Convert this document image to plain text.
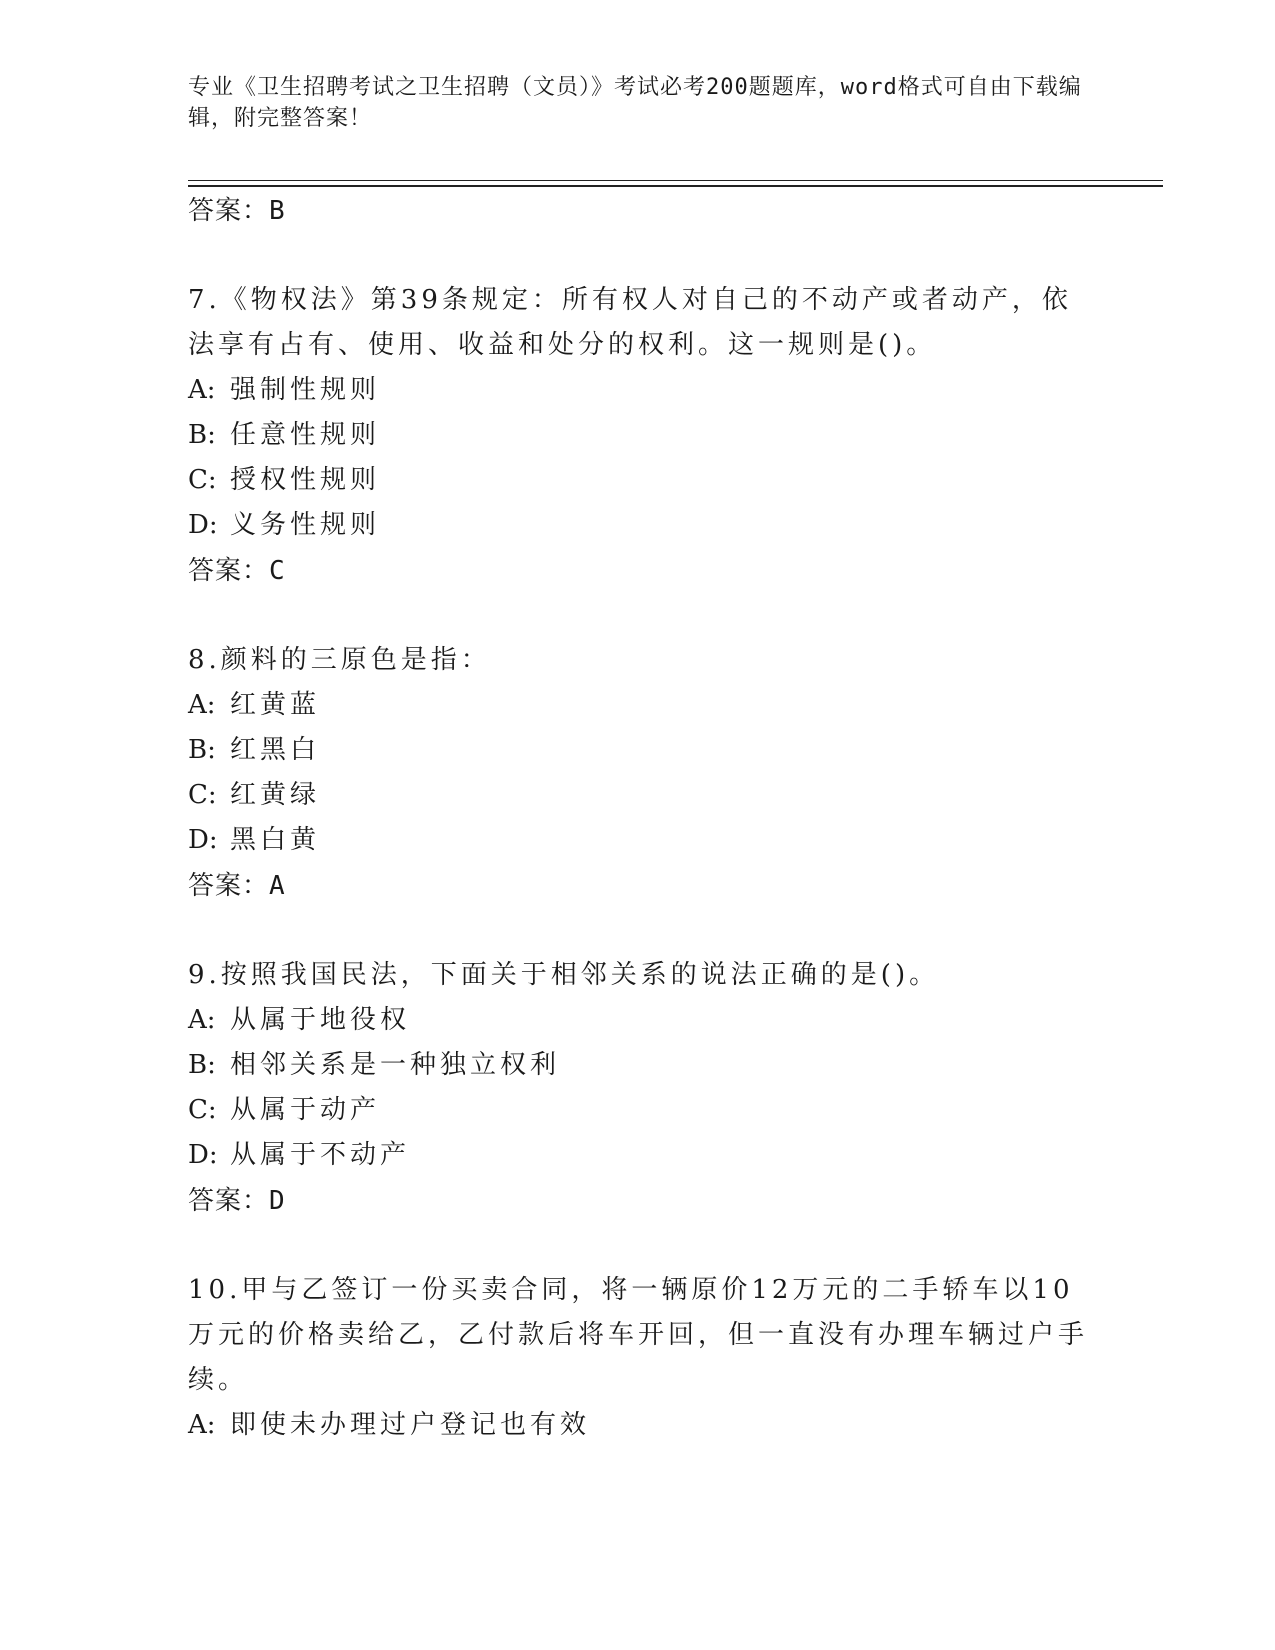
专业《卫生招聘考试之卫生招聘（文员）》考试必考200题题库，word格式可自由下载编辑，附完整答案！
答案：B
7.《物权法》第39条规定：所有权人对自己的不动产或者动产，依法享有占有、使用、收益和处分的权利。这一规则是()。
A: 强制性规则
B: 任意性规则
C: 授权性规则
D: 义务性规则
答案：C
8.颜料的三原色是指：
A: 红黄蓝
B: 红黑白
C: 红黄绿
D: 黑白黄
答案：A
9.按照我国民法，下面关于相邻关系的说法正确的是()。
A: 从属于地役权
B: 相邻关系是一种独立权利
C: 从属于动产
D: 从属于不动产
答案：D
10.甲与乙签订一份买卖合同，将一辆原价12万元的二手轿车以10万元的价格卖给乙，乙付款后将车开回，但一直没有办理车辆过户手续。
A: 即使未办理过户登记也有效
